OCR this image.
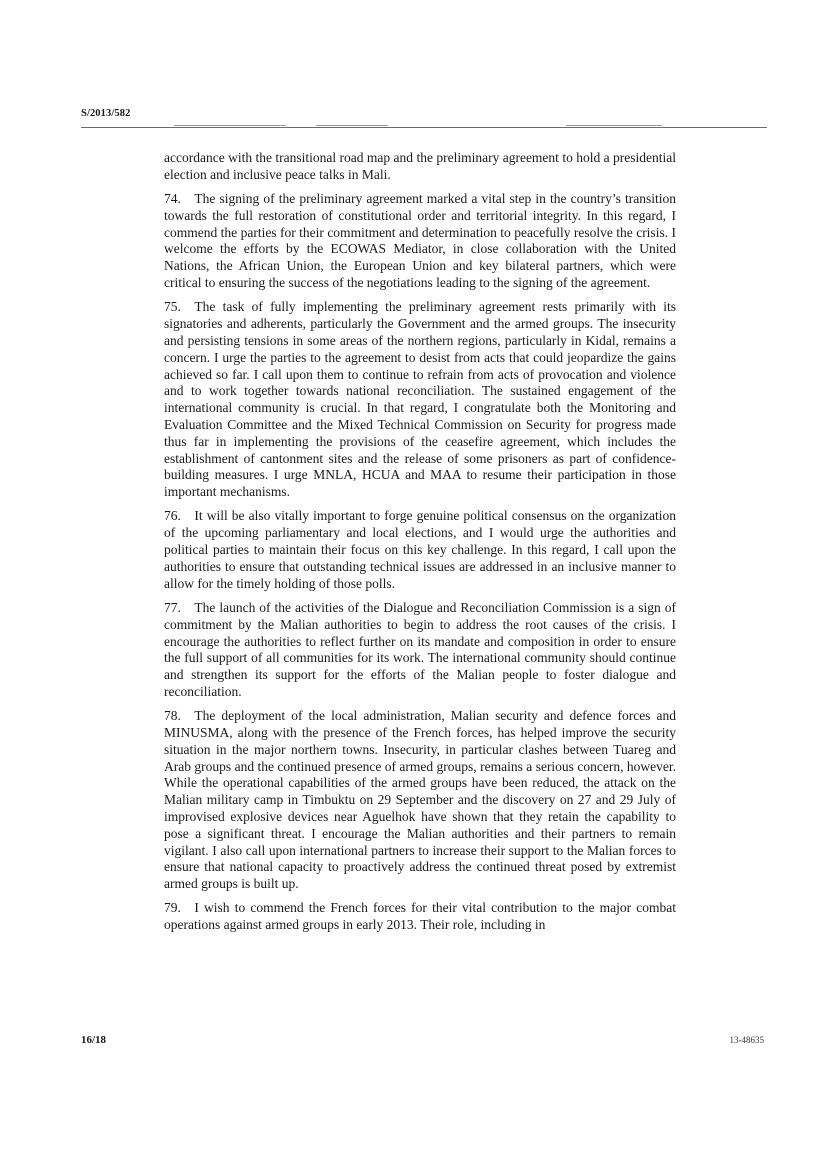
S/2013/582

accordance with the transitional road map and the preliminary agreement to hold a presidential election and inclusive peace talks in Mali.

74. The signing of the preliminary agreement marked a vital step in the country’s transition towards the full restoration of constitutional order and territorial integrity. In this regard, I commend the parties for their commitment and determination to peacefully resolve the crisis. I welcome the efforts by the ECOWAS Mediator, in close collaboration with the United Nations, the African Union, the European Union and key bilateral partners, which were critical to ensuring the success of the negotiations leading to the signing of the agreement.

75. The task of fully implementing the preliminary agreement rests primarily with its signatories and adherents, particularly the Government and the armed groups. The insecurity and persisting tensions in some areas of the northern regions, particularly in Kidal, remains a concern. I urge the parties to the agreement to desist from acts that could jeopardize the gains achieved so far. I call upon them to continue to refrain from acts of provocation and violence and to work together towards national reconciliation. The sustained engagement of the international community is crucial. In that regard, I congratulate both the Monitoring and Evaluation Committee and the Mixed Technical Commission on Security for progress made thus far in implementing the provisions of the ceasefire agreement, which includes the establishment of cantonment sites and the release of some prisoners as part of confidence-building measures. I urge MNLA, HCUA and MAA to resume their participation in those important mechanisms.

76. It will be also vitally important to forge genuine political consensus on the organization of the upcoming parliamentary and local elections, and I would urge the authorities and political parties to maintain their focus on this key challenge. In this regard, I call upon the authorities to ensure that outstanding technical issues are addressed in an inclusive manner to allow for the timely holding of those polls.

77. The launch of the activities of the Dialogue and Reconciliation Commission is a sign of commitment by the Malian authorities to begin to address the root causes of the crisis. I encourage the authorities to reflect further on its mandate and composition in order to ensure the full support of all communities for its work. The international community should continue and strengthen its support for the efforts of the Malian people to foster dialogue and reconciliation.

78. The deployment of the local administration, Malian security and defence forces and MINUSMA, along with the presence of the French forces, has helped improve the security situation in the major northern towns. Insecurity, in particular clashes between Tuareg and Arab groups and the continued presence of armed groups, remains a serious concern, however. While the operational capabilities of the armed groups have been reduced, the attack on the Malian military camp in Timbuktu on 29 September and the discovery on 27 and 29 July of improvised explosive devices near Aguelhok have shown that they retain the capability to pose a significant threat. I encourage the Malian authorities and their partners to remain vigilant. I also call upon international partners to increase their support to the Malian forces to ensure that national capacity to proactively address the continued threat posed by extremist armed groups is built up.

79. I wish to commend the French forces for their vital contribution to the major combat operations against armed groups in early 2013. Their role, including in

16/18	13-48635
